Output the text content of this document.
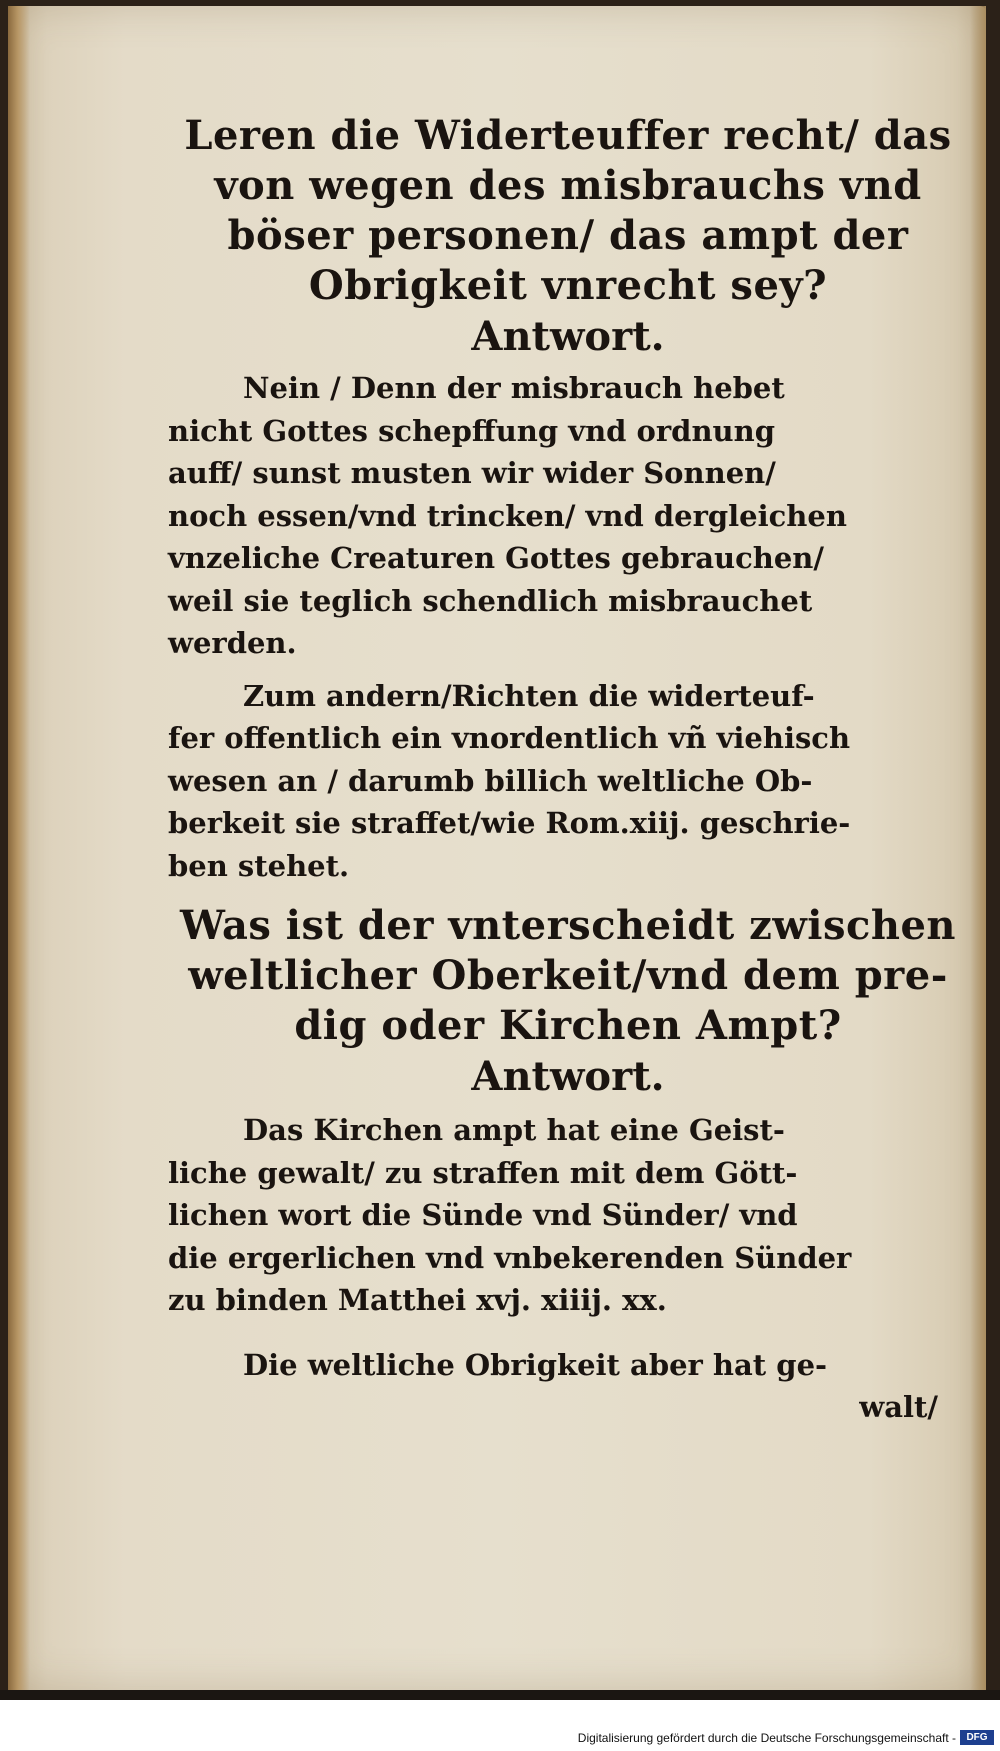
Leren die Widerteuffer recht/ das
von wegen des misbrauchs vnd
böser personen/ das ampt der
Obrigkeit vnrecht sey?
Antwort.
Nein / Denn der misbrauch hebet
nicht Gottes schepffung vnd ordnung
auff/ sunst musten wir wider Sonnen/
noch essen/vnd trincken/ vnd dergleichen
vnzeliche Creaturen Gottes gebrauchen/
weil sie teglich schendlich misbrauchet
werden.
Zum andern/Richten die widerteuf-
fer offentlich ein vnordentlich vñ viehisch
wesen an / darumb billich weltliche Ob-
berkeit sie straffet/wie Rom.xiij. geschrie-
ben stehet.
Was ist der vnterscheidt zwischen
weltlicher Oberkeit/vnd dem pre-
dig oder Kirchen Ampt?
Antwort.
Das Kirchen ampt hat eine Geist-
liche gewalt/ zu straffen mit dem Gött-
lichen wort die Sünde vnd Sünder/ vnd
die ergerlichen vnd vnbekerenden Sünder
zu binden Matthei xvj. xiiij. xx.
Die weltliche Obrigkeit aber hat ge-
walt/
Digitalisierung gefördert durch die Deutsche Forschungsgemeinschaft -	DFG
